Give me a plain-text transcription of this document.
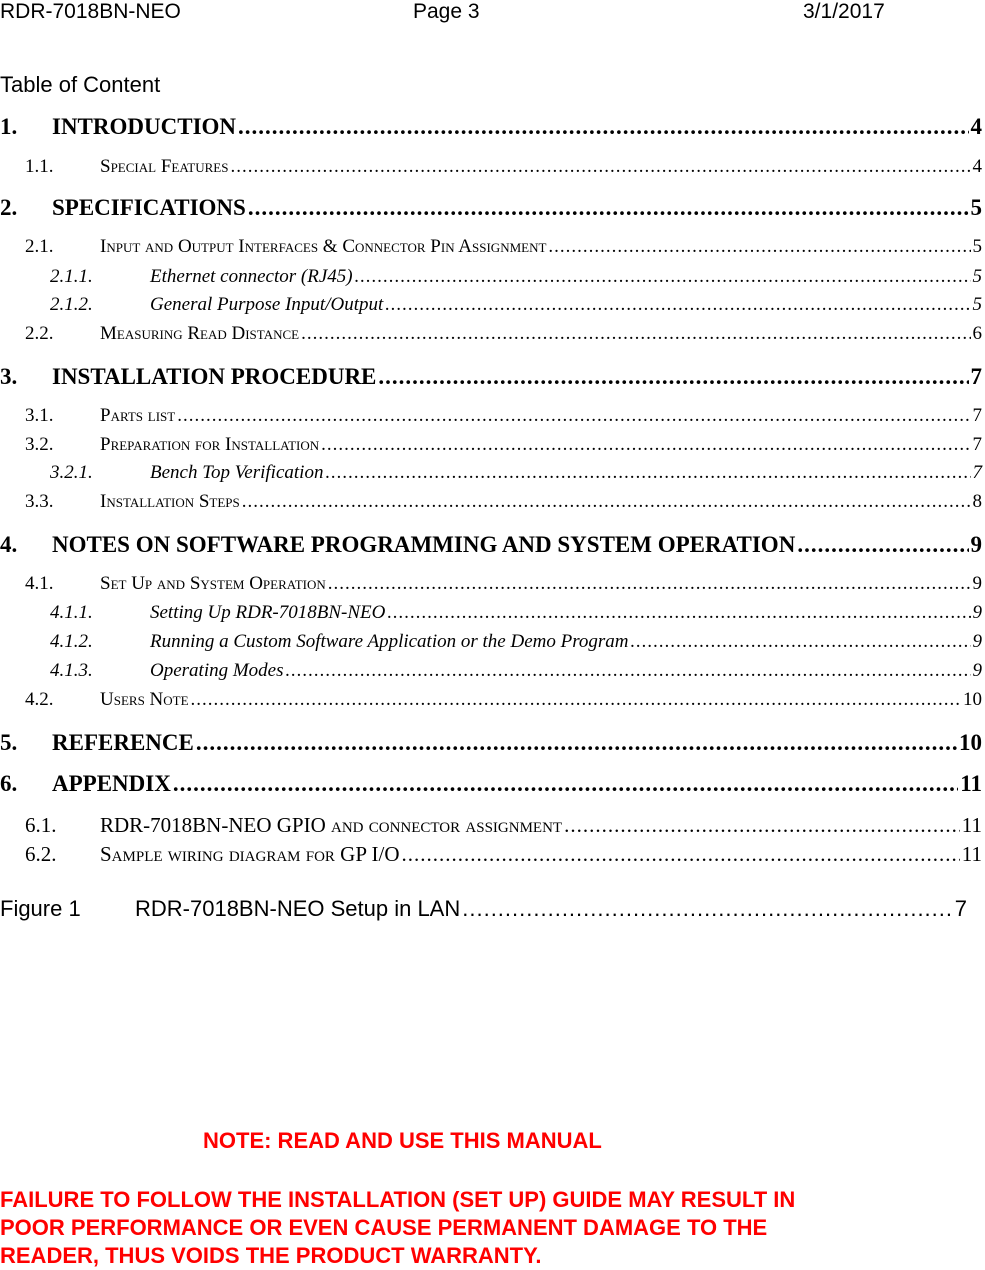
RDR-7018BN-NEO	Page 3	3/1/2017
Table of Content
1.	INTRODUCTION .....	4
1.1.	Special Features .....	4
2.	SPECIFICATIONS .....	5
2.1.	Input and Output Interfaces & Connector Pin Assignment .....	5
2.1.1.	Ethernet connector (RJ45) .....	5
2.1.2.	General Purpose Input/Output .....	5
2.2.	Measuring Read Distance .....	6
3.	INSTALLATION PROCEDURE .....	7
3.1.	Parts list .....	7
3.2.	Preparation for Installation .....	7
3.2.1.	Bench Top Verification .....	7
3.3.	Installation Steps .....	8
4.	NOTES ON SOFTWARE PROGRAMMING AND SYSTEM OPERATION .....	9
4.1.	Set Up and System Operation .....	9
4.1.1.	Setting Up RDR-7018BN-NEO .....	9
4.1.2.	Running a Custom Software Application or the Demo Program .....	9
4.1.3.	Operating Modes .....	9
4.2.	Users Note .....	10
5.	REFERENCE .....	10
6.	APPENDIX .....	11
6.1.	RDR-7018BN-NEO GPIO and connector assignment .....	11
6.2.	Sample wiring diagram for GP I/O .....	11
Figure 1	RDR-7018BN-NEO Setup in LAN .....	7
NOTE: READ AND USE THIS MANUAL
FAILURE TO FOLLOW THE INSTALLATION (SET UP) GUIDE MAY RESULT IN
POOR PERFORMANCE OR EVEN CAUSE PERMANENT DAMAGE TO THE
READER, THUS VOIDS THE PRODUCT WARRANTY.
